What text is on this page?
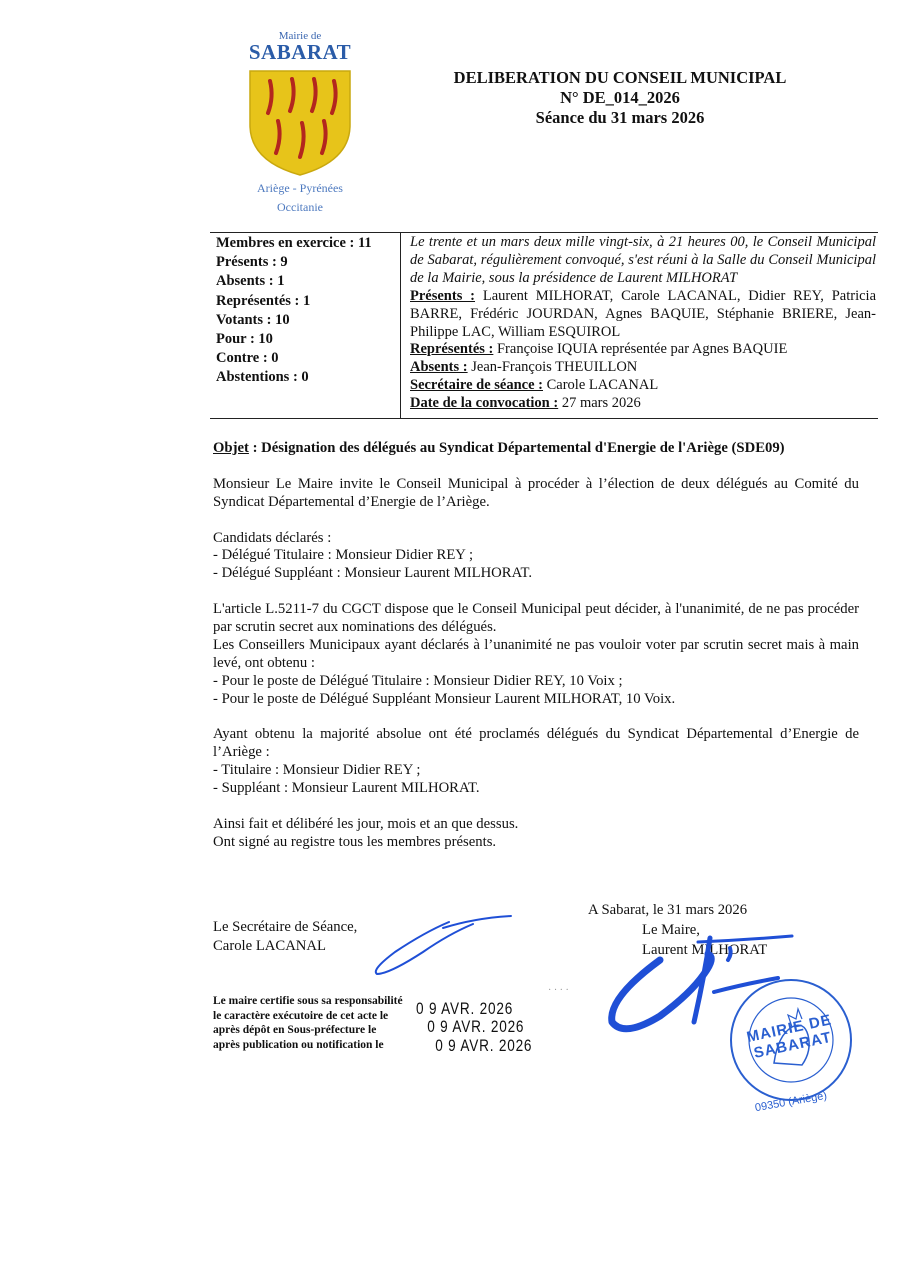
Mairie de
SABARAT
Ariège - Pyrénées
Occitanie
DELIBERATION DU CONSEIL MUNICIPAL
N° DE_014_2026
Séance du 31 mars 2026
Membres en exercice : 11
Présents : 9
Absents : 1
Représentés : 1
Votants : 10
Pour : 10
Contre : 0
Abstentions : 0
Le trente et un mars deux mille vingt-six, à 21 heures 00, le Conseil Municipal de Sabarat, régulièrement convoqué, s'est réuni à la Salle du Conseil Municipal de la Mairie, sous la présidence de Laurent MILHORAT
Présents : Laurent MILHORAT, Carole LACANAL, Didier REY, Patricia BARRE, Frédéric JOURDAN, Agnes BAQUIE, Stéphanie BRIERE, Jean-Philippe LAC, William ESQUIROL
Représentés : Françoise IQUIA représentée par Agnes BAQUIE
Absents : Jean-François THEUILLON
Secrétaire de séance : Carole LACANAL
Date de la convocation : 27 mars 2026

Objet : Désignation des délégués au Syndicat Départemental d'Energie de l'Ariège (SDE09)

Monsieur Le Maire invite le Conseil Municipal à procéder à l’élection de deux délégués au Comité du Syndicat Départemental d’Energie de l’Ariège.

Candidats déclarés :
- Délégué Titulaire : Monsieur Didier REY ;
- Délégué Suppléant : Monsieur Laurent MILHORAT.

L'article L.5211-7 du CGCT dispose que le Conseil Municipal peut décider, à l'unanimité, de ne pas procéder par scrutin secret aux nominations des délégués.
Les Conseillers Municipaux ayant déclarés à l’unanimité ne pas vouloir voter par scrutin secret mais à main levé, ont obtenu :
- Pour le poste de Délégué Titulaire : Monsieur Didier REY, 10 Voix ;
- Pour le poste de Délégué Suppléant Monsieur Laurent MILHORAT, 10 Voix.

Ayant obtenu la majorité absolue ont été proclamés délégués du Syndicat Départemental d’Energie de l’Ariège :
- Titulaire : Monsieur Didier REY ;
- Suppléant : Monsieur Laurent MILHORAT.

Ainsi fait et délibéré les jour, mois et an que dessus.
Ont signé au registre tous les membres présents.

Le Secrétaire de Séance,
Carole LACANAL
A Sabarat, le 31 mars 2026
Le Maire,
Laurent MILHORAT
Le maire certifie sous sa responsabilité
le caractère exécutoire de cet acte le
après dépôt en Sous-préfecture le
après publication ou notification le
0 9 AVR. 2026
0 9 AVR. 2026
0 9 AVR. 2026
· · · ·
MAIRIE DE SABARAT
09350 (Ariège)
